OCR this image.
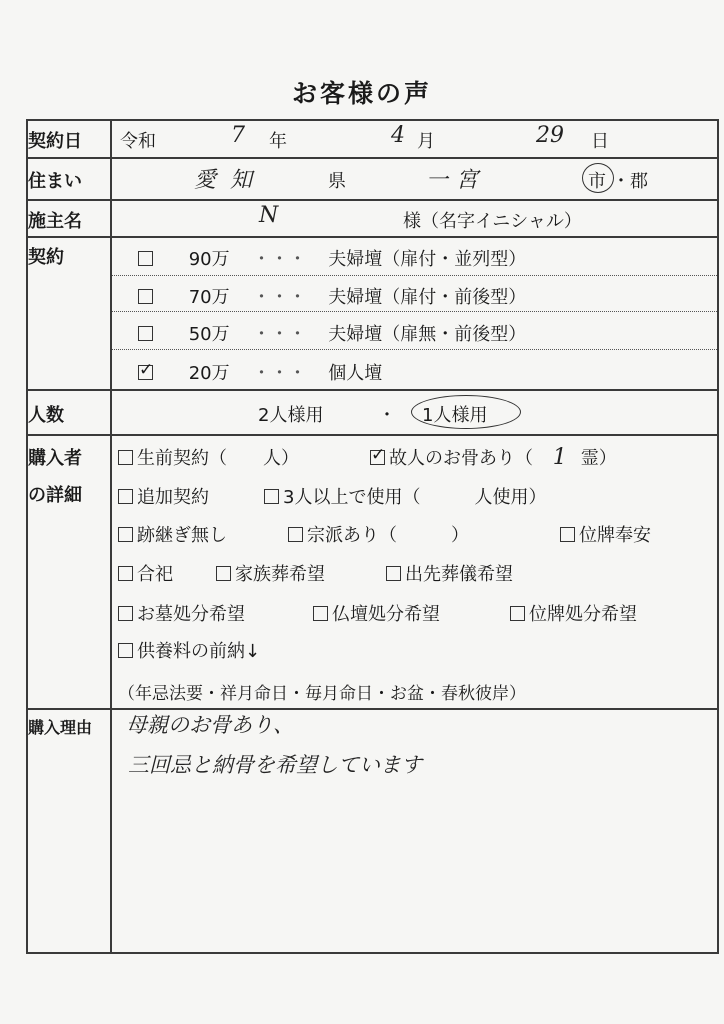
お客様の声
契約日 令和	7 年	4 月	29 日
住まい	愛知	県	一宮	市 ・ 郡
施主名	N	様（名字イニシャル）
契約	90万 ・・・ 夫婦壇（扉付・並列型）
70万 ・・・ 夫婦壇（扉付・前後型）
50万 ・・・ 夫婦壇（扉無・前後型）
✓ 20万 ・・・ 個人壇
人数	2人様用	・ 1人様用
購入者
の詳細
生前契約（　　人）
✓	故人のお骨あり（ 1 霊）
追加契約	3人以上で使用（　　　人使用）
跡継ぎ無し	宗派あり（　　　）	位牌奉安
合祀	家族葬希望	出先葬儀希望
お墓処分希望	仏壇処分希望	位牌処分希望
供養料の前納↓
（年忌法要・祥月命日・毎月命日・お盆・春秋彼岸）
購入理由 母親のお骨あり、
三回忌と納骨を希望しています
